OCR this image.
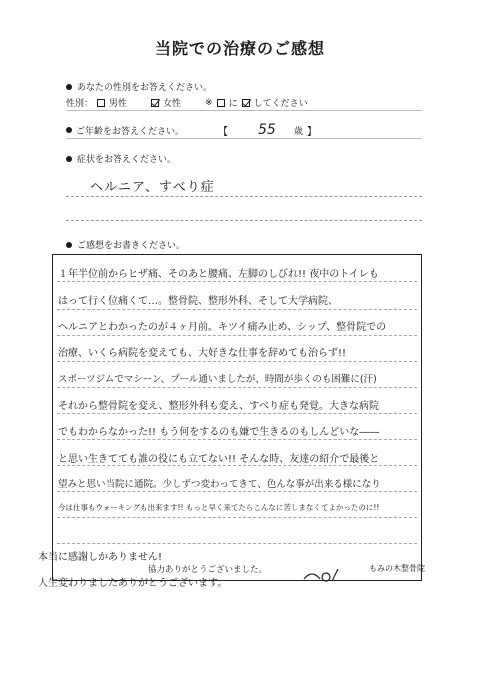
当院での治療のご感想
あなたの性別をお答えください。
性別： 男性	女性	※ に してください
ご年齢をお答えください。	【 55 歳 】
症状をお答えください。
ヘルニア、すべり症
ご感想をお書きください。
１年半位前からヒザ痛、そのあと腰痛、左脚のしびれ!! 夜中のトイレも
はって行く位痛くて…。整骨院、整形外科、そして大学病院、
ヘルニアとわかったのが４ヶ月前。キツイ痛み止め、シップ、整骨院での
治療、いくら病院を変えても、大好きな仕事を辞めても治らず!!
スポーツジムでマシーン、プール通いましたが、時間が歩くのも困難に(汗)
それから整骨院を変え、整形外科も変え、すべり症も発覚。大きな病院
でもわからなかった!! もう何をするのも嫌で生きるのもしんどいな――
と思い生きてても誰の役にも立てない!! そんな時、友達の紹介で最後と
望みと思い当院に通院。少しずつ変わってきて、色んな事が出来る様になり
今は仕事もウォーキングも出来ます!! もっと早く来てたらこんなに苦しまなくてよかったのに!!
本当に感謝しかありません!
人生変わりましたありがとうございます。
協力ありがとうございました。	もみの木整骨院
